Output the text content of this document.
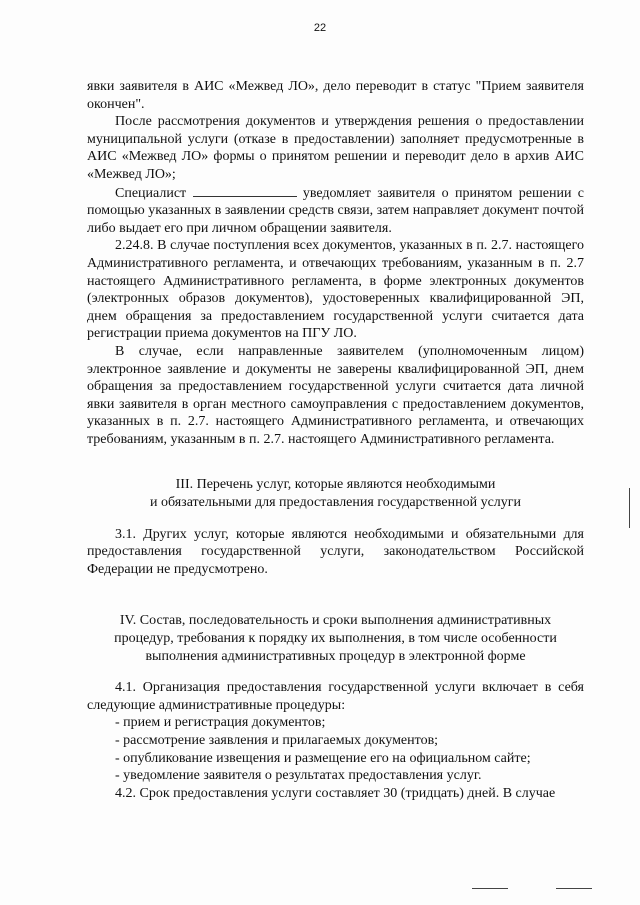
22

явки заявителя в АИС «Межвед ЛО», дело переводит в статус "Прием заявителя окончен".

После рассмотрения документов и утверждения решения о предоставлении муниципальной услуги (отказе в предоставлении) заполняет предусмотренные в АИС «Межвед ЛО» формы о принятом решении и переводит дело в архив АИС «Межвед ЛО»;

Специалист	уведомляет заявителя о принятом решении с помощью указанных в заявлении средств связи, затем направляет документ почтой либо выдает его при личном обращении заявителя.

2.24.8. В случае поступления всех документов, указанных в п. 2.7. настоящего Административного регламента, и отвечающих требованиям, указанным в п. 2.7 настоящего Административного регламента, в форме электронных документов (электронных образов документов), удостоверенных квалифицированной ЭП, днем обращения за предоставлением государственной услуги считается дата регистрации приема документов на ПГУ ЛО.

В случае, если направленные заявителем (уполномоченным лицом) электронное заявление и документы не заверены квалифицированной ЭП, днем обращения за предоставлением государственной услуги считается дата личной явки заявителя в орган местного самоуправления с предоставлением документов, указанных в п. 2.7. настоящего Административного регламента, и отвечающих требованиям, указанным в п. 2.7. настоящего Административного регламента.

III. Перечень услуг, которые являются необходимыми
и обязательными для предоставления государственной услуги

3.1. Других услуг, которые являются необходимыми и обязательными для предоставления государственной услуги, законодательством Российской Федерации не предусмотрено.

IV. Состав, последовательность и сроки выполнения административных
процедур, требования к порядку их выполнения, в том числе особенности
выполнения административных процедур в электронной форме

4.1. Организация предоставления государственной услуги включает в себя следующие административные процедуры:

- прием и регистрация документов;

- рассмотрение заявления и прилагаемых документов;

- опубликование извещения и размещение его на официальном сайте;

- уведомление заявителя о результатах предоставления услуг.

4.2. Срок предоставления услуги составляет 30 (тридцать) дней. В случае
